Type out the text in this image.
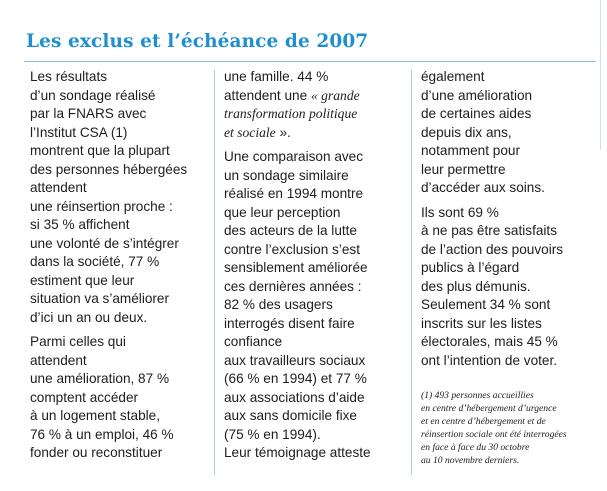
Les exclus et l’échéance de 2007
Les résultats
d’un sondage réalisé
par la FNARS avec
l’Institut CSA (1)
montrent que la plupart
des personnes hébergées
attendent
une réinsertion proche :
si 35 % affichent
une volonté de s’intégrer
dans la société, 77 %
estiment que leur
situation va s’améliorer
d’ici un an ou deux.
Parmi celles qui
attendent
une amélioration, 87 %
comptent accéder
à un logement stable,
76 % à un emploi, 46 %
fonder ou reconstituer
une famille. 44 %
attendent une « grande
transformation politique
et sociale ».
Une comparaison avec
un sondage similaire
réalisé en 1994 montre
que leur perception
des acteurs de la lutte
contre l’exclusion s’est
sensiblement améliorée
ces dernières années :
82 % des usagers
interrogés disent faire
confiance
aux travailleurs sociaux
(66 % en 1994) et 77 %
aux associations d’aide
aux sans domicile fixe
(75 % en 1994).
Leur témoignage atteste
également
d’une amélioration
de certaines aides
depuis dix ans,
notamment pour
leur permettre
d’accéder aux soins.
Ils sont 69 %
à ne pas être satisfaits
de l’action des pouvoirs
publics à l’égard
des plus démunis.
Seulement 34 % sont
inscrits sur les listes
électorales, mais 45 %
ont l’intention de voter.
(1) 493 personnes accueillies
en centre d’hébergement d’urgence
et en centre d’hébergement et de
réinsertion sociale ont été interrogées
en face à face du 30 octobre
au 10 novembre derniers.
